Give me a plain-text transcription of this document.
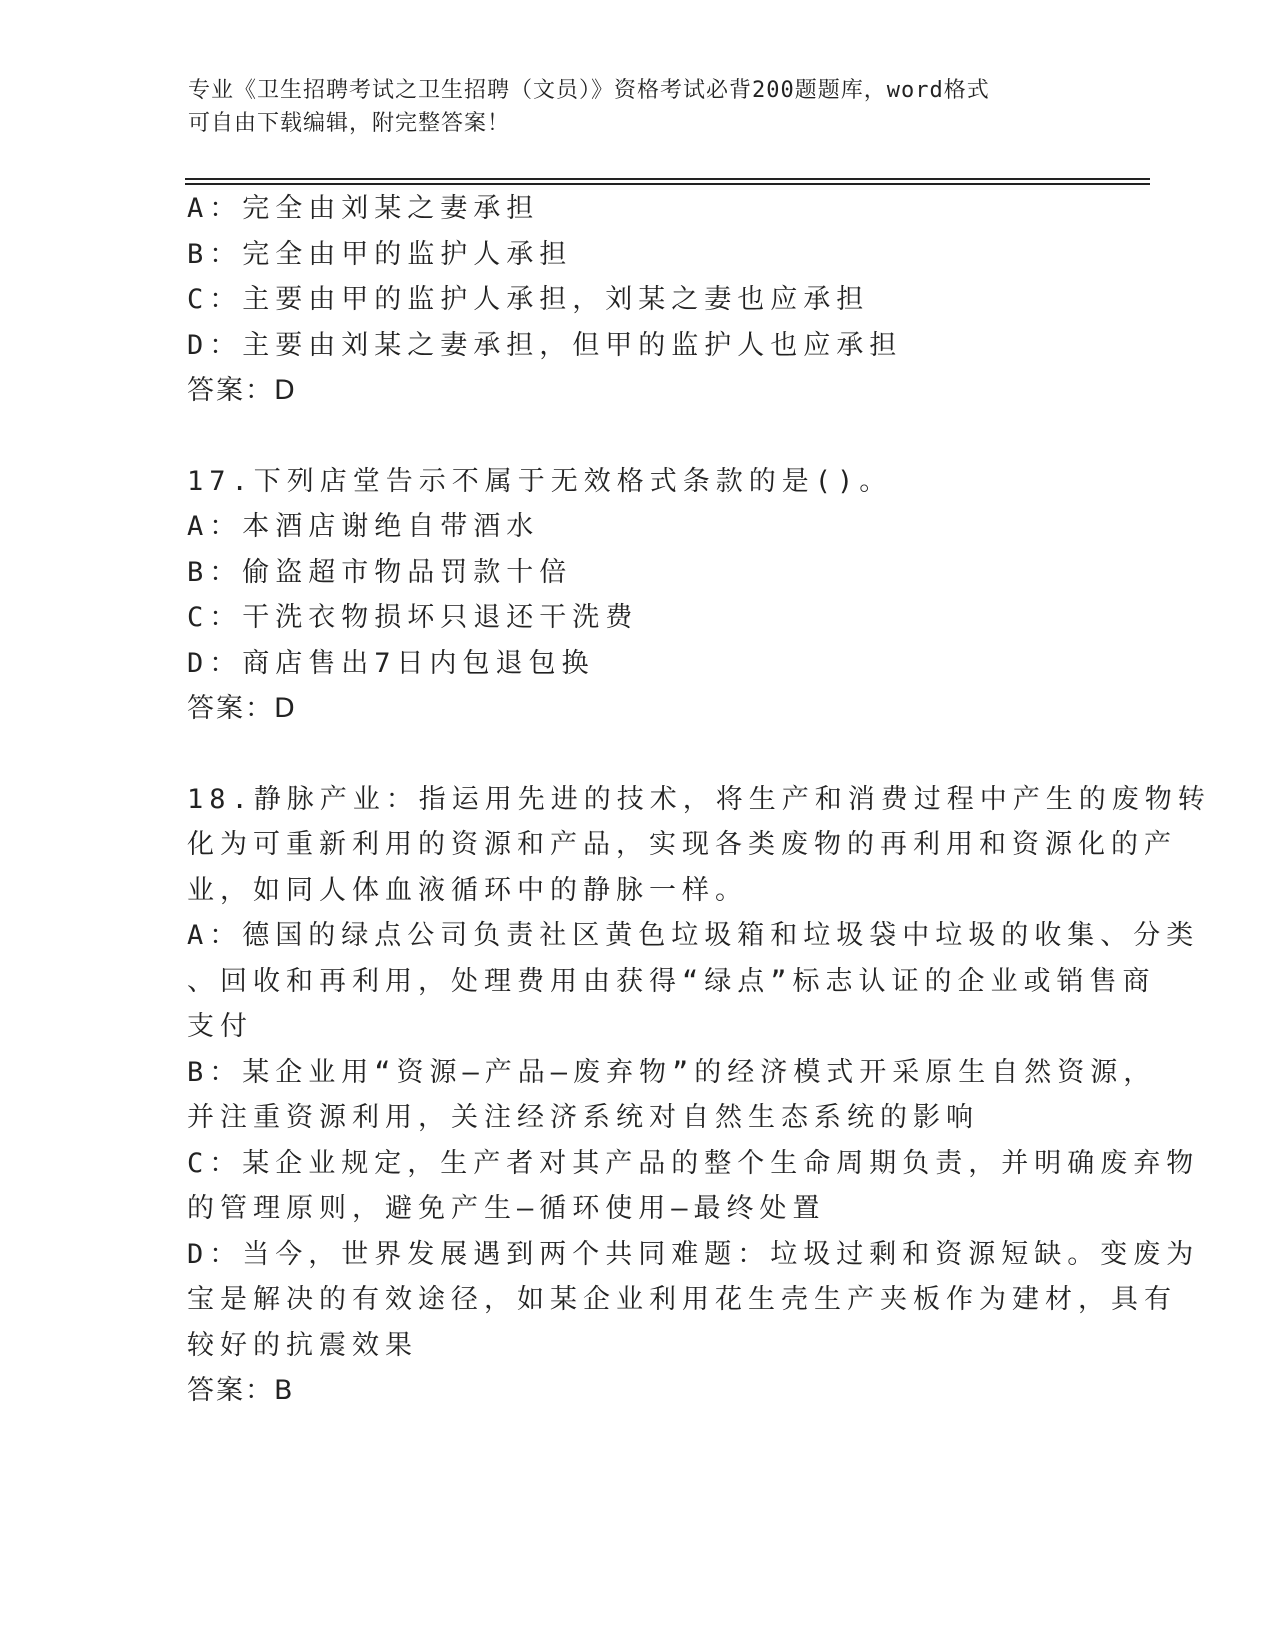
专业《卫生招聘考试之卫生招聘（文员）》资格考试必背200题题库，word格式
可自由下载编辑，附完整答案！
A：完全由刘某之妻承担
B：完全由甲的监护人承担
C：主要由甲的监护人承担，刘某之妻也应承担
D：主要由刘某之妻承担，但甲的监护人也应承担
答案：D
17.下列店堂告示不属于无效格式条款的是()。
A：本酒店谢绝自带酒水
B：偷盗超市物品罚款十倍
C：干洗衣物损坏只退还干洗费
D：商店售出7日内包退包换
答案：D
18.静脉产业：指运用先进的技术，将生产和消费过程中产生的废物转
化为可重新利用的资源和产品，实现各类废物的再利用和资源化的产
业，如同人体血液循环中的静脉一样。
A：德国的绿点公司负责社区黄色垃圾箱和垃圾袋中垃圾的收集、分类
、回收和再利用，处理费用由获得“绿点”标志认证的企业或销售商
支付
B：某企业用“资源—产品—废弃物”的经济模式开采原生自然资源，
并注重资源利用，关注经济系统对自然生态系统的影响
C：某企业规定，生产者对其产品的整个生命周期负责，并明确废弃物
的管理原则，避免产生—循环使用—最终处置
D：当今，世界发展遇到两个共同难题：垃圾过剩和资源短缺。变废为
宝是解决的有效途径，如某企业利用花生壳生产夹板作为建材，具有
较好的抗震效果
答案：B
